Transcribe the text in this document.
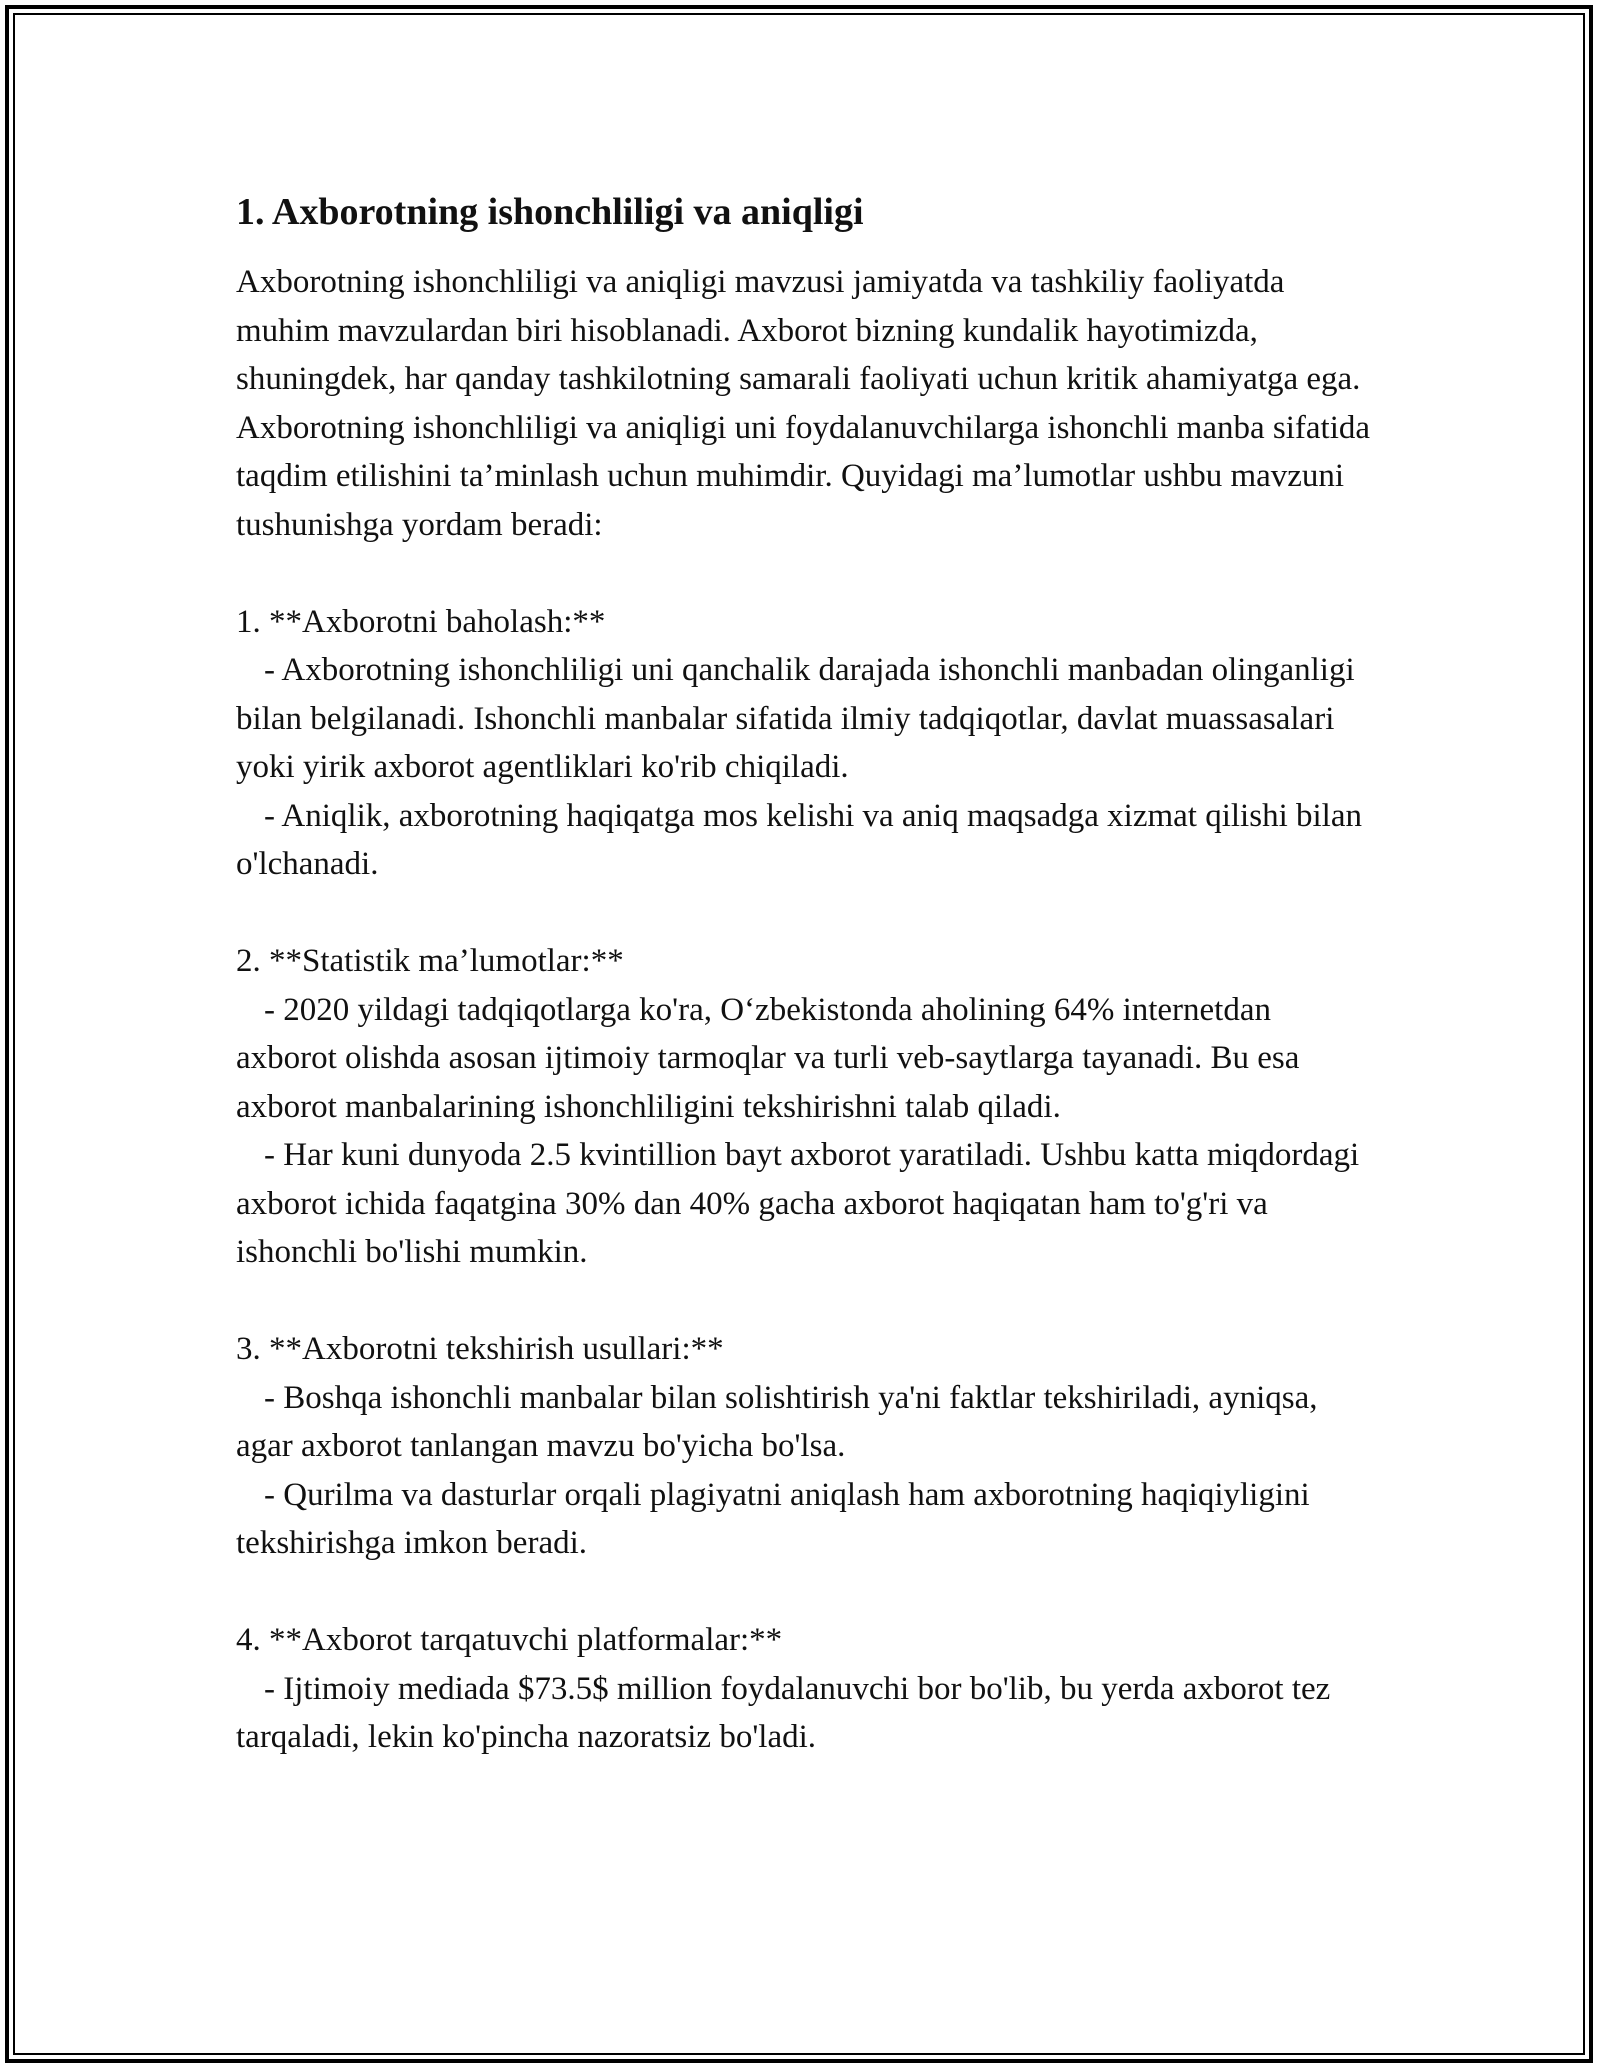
1. Axborotning ishonchliligi va aniqligi

Axborotning ishonchliligi va aniqligi mavzusi jamiyatda va tashkiliy faoliyatda muhim mavzulardan biri hisoblanadi. Axborot bizning kundalik hayotimizda, shuningdek, har qanday tashkilotning samarali faoliyati uchun kritik ahamiyatga ega. Axborotning ishonchliligi va aniqligi uni foydalanuvchilarga ishonchli manba sifatida taqdim etilishini ta’minlash uchun muhimdir. Quyidagi ma’lumotlar ushbu mavzuni tushunishga yordam beradi:

1. **Axborotni baholash:**

- Axborotning ishonchliligi uni qanchalik darajada ishonchli manbadan olinganligi bilan belgilanadi. Ishonchli manbalar sifatida ilmiy tadqiqotlar, davlat muassasalari yoki yirik axborot agentliklari ko'rib chiqiladi.

- Aniqlik, axborotning haqiqatga mos kelishi va aniq maqsadga xizmat qilishi bilan o'lchanadi.

2. **Statistik ma’lumotlar:**

- 2020 yildagi tadqiqotlarga ko'ra, O‘zbekistonda aholining 64% internetdan axborot olishda asosan ijtimoiy tarmoqlar va turli veb-saytlarga tayanadi. Bu esa axborot manbalarining ishonchliligini tekshirishni talab qiladi.

- Har kuni dunyoda 2.5 kvintillion bayt axborot yaratiladi. Ushbu katta miqdordagi axborot ichida faqatgina 30% dan 40% gacha axborot haqiqatan ham to'g'ri va ishonchli bo'lishi mumkin.

3. **Axborotni tekshirish usullari:**

- Boshqa ishonchli manbalar bilan solishtirish ya'ni faktlar tekshiriladi, ayniqsa, agar axborot tanlangan mavzu bo'yicha bo'lsa.

- Qurilma va dasturlar orqali plagiyatni aniqlash ham axborotning haqiqiyligini tekshirishga imkon beradi.

4. **Axborot tarqatuvchi platformalar:**

- Ijtimoiy mediada $73.5$ million foydalanuvchi bor bo'lib, bu yerda axborot tez tarqaladi, lekin ko'pincha nazoratsiz bo'ladi.
